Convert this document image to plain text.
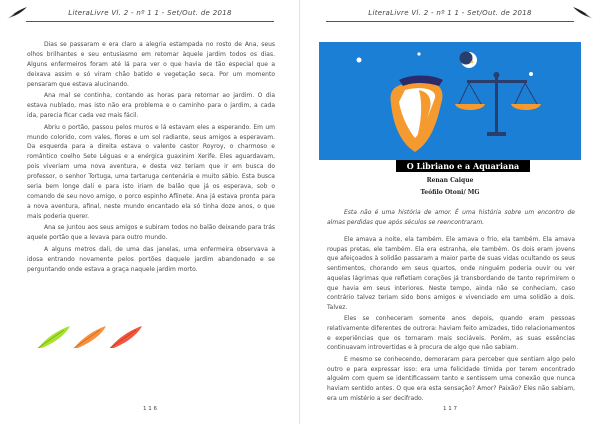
LiteraLivre Vl. 2 - nº 1 1 - Set/Out. de 2018

Dias se passaram e era claro a alegria estampada no rosto de Ana, seus olhos brilhantes e seu entusiasmo em retomar àquele jardim todos os dias. Alguns enfermeiros foram até lá para ver o que havia de tão especial que a deixava assim e só viram chão batido e vegetação seca. Por um momento pensaram que estava alucinando.

Ana mal se continha, contando as horas para retornar ao jardim. O dia estava nublado, mas isto não era problema e o caminho para o jardim, a cada ida, parecia ficar cada vez mais fácil.

Abriu o portão, passou pelos muros e lá estavam eles a esperando. Em um mundo colorido, com vales, flores e um sol radiante, seus amigos a esperavam. Da esquerda para a direita estava o valente castor Royroy, o charmoso e romântico coelho Sete Léguas e a enérgica guaxinim Xerife. Eles aguardavam, pois viveriam uma nova aventura, e desta vez teriam que ir em busca do professor, o senhor Tortuga, uma tartaruga centenária e muito sábio. Esta busca seria bem longe dali e para isto iriam de balão que já os esperava, sob o comando de seu novo amigo, o porco espinho Aflinete. Ana já estava pronta para a nova aventura, afinal, neste mundo encantado ela só tinha doze anos, o que mais poderia querer.

Ana se juntou aos seus amigos e subiram todos no balão deixando para trás aquele portão que a levava para outro mundo.

A alguns metros dali, de uma das janelas, uma enfermeira observava a idosa entrando novamente pelos portões daquele jardim abandonado e se perguntando onde estava a graça naquele jardim morto.

1 1 6
LiteraLivre Vl. 2 - nº 1 1 - Set/Out. de 2018
O Libriano e a Aquariana
Renan Caique
Teófilo Otoni/ MG
Esta não é uma história de amor. É uma história sobre um encontro de almas perdidas que após séculos se reencontraram.

Ele amava a noite, ela também. Ele amava o frio, ela também. Ela amava roupas pretas, ele também. Ela era estranha, ele também. Os dois eram jovens que afeiçoados à solidão passaram a maior parte de suas vidas ocultando os seus sentimentos, chorando em seus quartos, onde ninguém poderia ouvir ou ver aquelas lágrimas que refletiam corações já transbordando de tanto reprimirem o que havia em seus interiores. Neste tempo, ainda não se conheciam, caso contrário talvez teriam sido bons amigos e vivenciado em uma solidão a dois. Talvez.

Eles se conheceram somente anos depois, quando eram pessoas relativamente diferentes de outrora: haviam feito amizades, tido relacionamentos e experiências que os tornaram mais sociáveis. Porém, as suas essências continuavam introvertidas e à procura de algo que não sabiam.

E mesmo se conhecendo, demoraram para perceber que sentiam algo pelo outro e para expressar isso: era uma felicidade tímida por terem encontrado alguém com quem se identificassem tanto e sentissem uma conexão que nunca haviam sentido antes. O que era esta sensação? Amor? Paixão? Eles não sabiam, era um mistério a ser decifrado.

1 1 7
